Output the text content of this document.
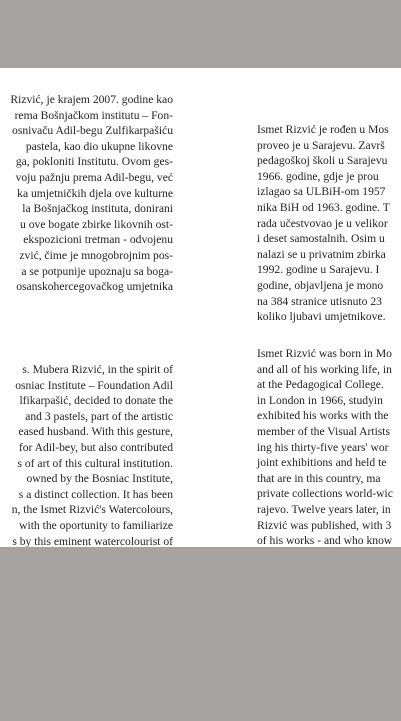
Rizvić, je krajem 2007. godine kao
rema Bošnjačkom institutu – Fon-
osnivaču Adil-begu Zulfikarpašiću
pastela, kao dio ukupne likovne
ga, pokloniti Institutu. Ovom ges-
voju pažnju prema Adil-begu, već
ka umjetničkih djela ove kulturne
la Bošnjačkog instituta, donirani
u ove bogate zbirke likovnih ost-
ekspozicioni tretman - odvojenu
zvić, čime je mnogobrojnim pos-
a se potpunije upoznaju sa boga-
osanskohercegovačkog umjetnika
s. Mubera Rizvić, in the spirit of
osniac Institute – Foundation Adil
lfikarpašić, decided to donate the
and 3 pastels, part of the artistic
eased husband. With this gesture,
for Adil-bey, but also contributed
s of art of this cultural institution.
owned by the Bosniac Institute,
s a distinct collection. It has been
n, the Ismet Rizvić's Watercolours,
with the oportunity to familiarize
s by this eminent watercolourist of
Ismet Rizvić je rođen u Mos
proveo je u Sarajevu. Završ
pedagoškoj školi u Sarajevu
1966. godine, gdje je prou
izlagao sa ULBiH-om 1957
nika BiH od 1963. godine. T
rada učestvovao je u velikor
i deset samostalnih. Osim u
nalazi se u privatnim zbirka
1992. godine u Sarajevu. I
godine, objavljena je mono
na 384 stranice utisnuto 23
koliko ljubavi umjetnikove.
Ismet Rizvić was born in Mo
and all of his working life, in
at the Pedagogical College.
in London in 1966, studyin
exhibited his works with the
member of the Visual Artists
ing his thirty-five years' wor
joint exhibitions and held te
that are in this country, ma
private collections world-wic
rajevo. Twelve years later, in
Rizvić was published, with 3
of his works - and who know
